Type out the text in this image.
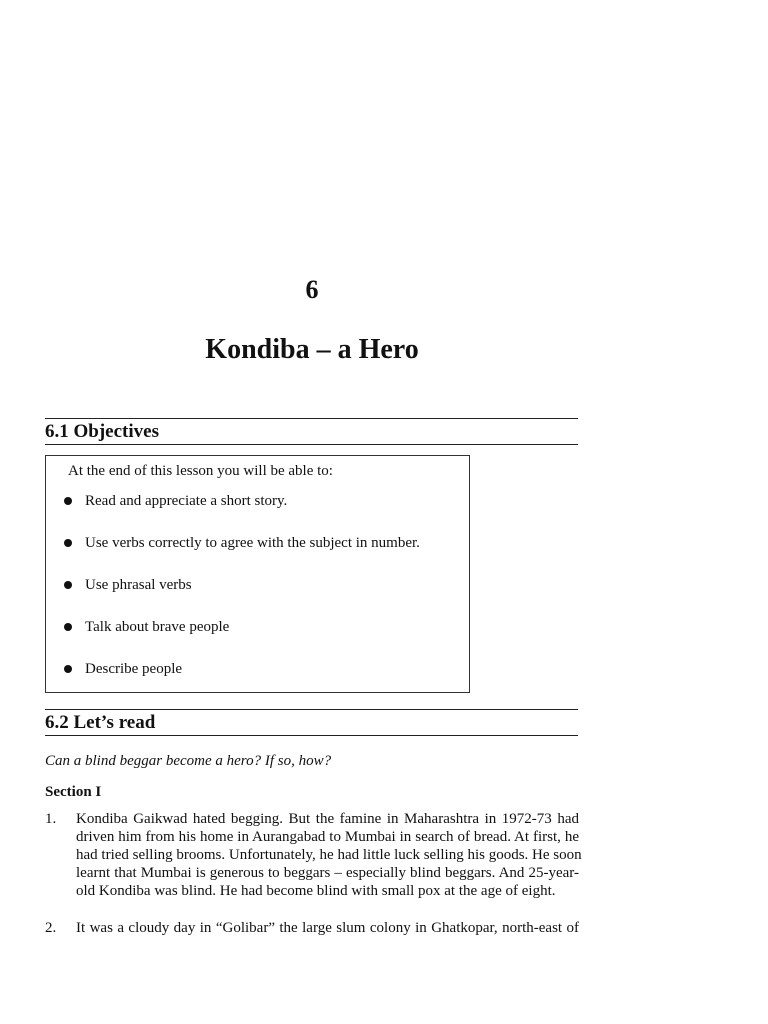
6
Kondiba – a Hero
6.1 Objectives
At the end of this lesson you will be able to:
Read and appreciate a short story.
Use verbs correctly to agree with the subject in number.
Use phrasal verbs
Talk about brave people
Describe people
6.2 Let’s read
Can a blind beggar become a hero? If so, how?
Section I
1. Kondiba Gaikwad hated begging. But the famine in Maharashtra in 1972-73 had
driven him from his home in Aurangabad to Mumbai in search of bread. At first, he
had tried selling brooms. Unfortunately, he had little luck selling his goods. He soon
learnt that Mumbai is generous to beggars – especially blind beggars. And 25-year-
old Kondiba was blind. He had become blind with small pox at the age of eight.
2. It was a cloudy day in “Golibar” the large slum colony in Ghatkopar, north-east of
